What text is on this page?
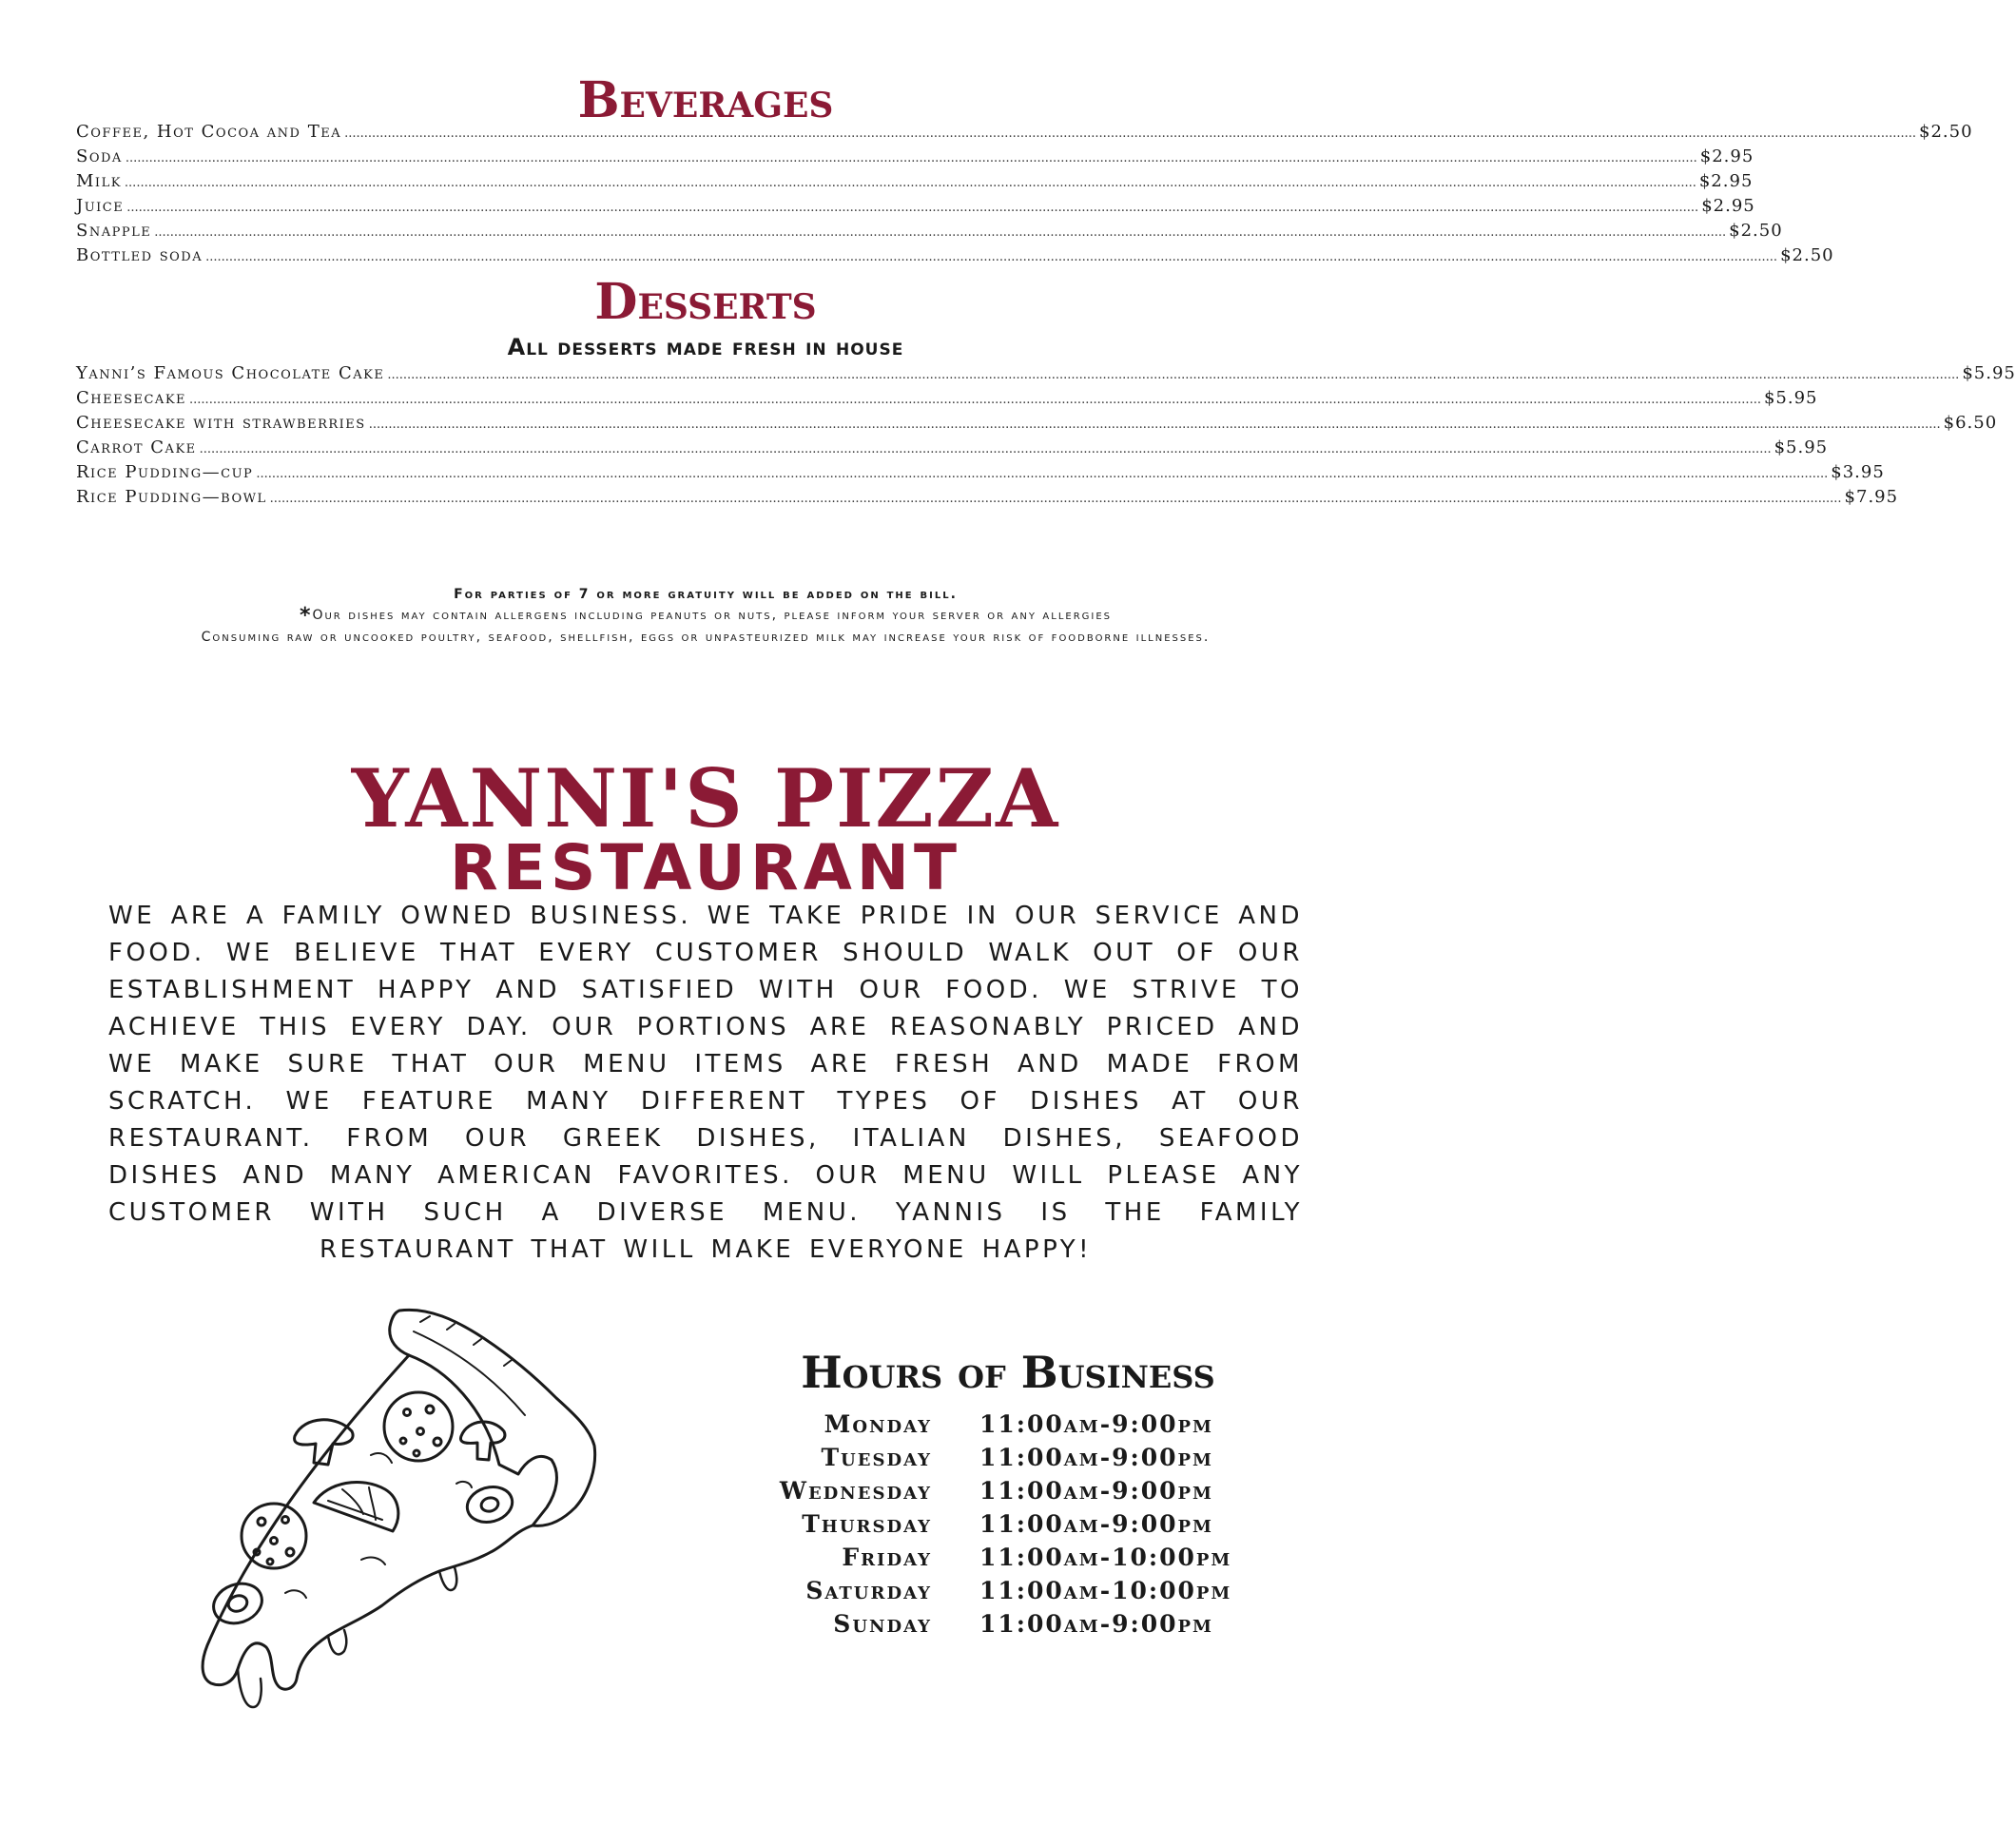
Beverages
Coffee, Hot Cocoa and Tea ................................................................................................................................................................................................................................................................................................................................................................................................................ $2.50
Soda ................................................................................................................................................................................................................................................................................................................................................................................................................ $2.95
Milk ................................................................................................................................................................................................................................................................................................................................................................................................................ $2.95
Juice ................................................................................................................................................................................................................................................................................................................................................................................................................ $2.95
Snapple ................................................................................................................................................................................................................................................................................................................................................................................................................ $2.50
Bottled soda ................................................................................................................................................................................................................................................................................................................................................................................................................ $2.50
Desserts
All desserts made fresh in house
Yanni’s Famous Chocolate Cake ................................................................................................................................................................................................................................................................................................................................................................................................................ $5.95
Cheesecake ................................................................................................................................................................................................................................................................................................................................................................................................................ $5.95
Cheesecake with strawberries ................................................................................................................................................................................................................................................................................................................................................................................................................ $6.50
Carrot Cake ................................................................................................................................................................................................................................................................................................................................................................................................................ $5.95
Rice Pudding—cup ................................................................................................................................................................................................................................................................................................................................................................................................................ $3.95
Rice Pudding—bowl ................................................................................................................................................................................................................................................................................................................................................................................................................ $7.95
For parties of 7 or more gratuity will be added on the bill.
*Our dishes may contain allergens including peanuts or nuts, please inform your server or any allergies
Consuming raw or uncooked poultry, seafood, shellfish, eggs or unpasteurized milk may increase your risk of foodborne illnesses.
YANNI'S PIZZA
RESTAURANT
WE ARE A FAMILY OWNED BUSINESS. WE TAKE PRIDE IN OUR SERVICE AND FOOD. WE BELIEVE THAT EVERY CUSTOMER SHOULD WALK OUT OF OUR ESTABLISHMENT HAPPY AND SATISFIED WITH OUR FOOD. WE STRIVE TO ACHIEVE THIS EVERY DAY. OUR PORTIONS ARE REASONABLY PRICED AND WE MAKE SURE THAT OUR MENU ITEMS ARE FRESH AND MADE FROM SCRATCH. WE FEATURE MANY DIFFERENT TYPES OF DISHES AT OUR RESTAURANT. FROM OUR GREEK DISHES, ITALIAN DISHES, SEAFOOD DISHES AND MANY AMERICAN FAVORITES. OUR MENU WILL PLEASE ANY CUSTOMER WITH SUCH A DIVERSE MENU. YANNIS IS THE FAMILY RESTAURANT THAT WILL MAKE EVERYONE HAPPY!
Hours of Business
Monday	11:00am-9:00pm
Tuesday	11:00am-9:00pm
Wednesday	11:00am-9:00pm
Thursday	11:00am-9:00pm
Friday	11:00am-10:00pm
Saturday	11:00am-10:00pm
Sunday	11:00am-9:00pm
